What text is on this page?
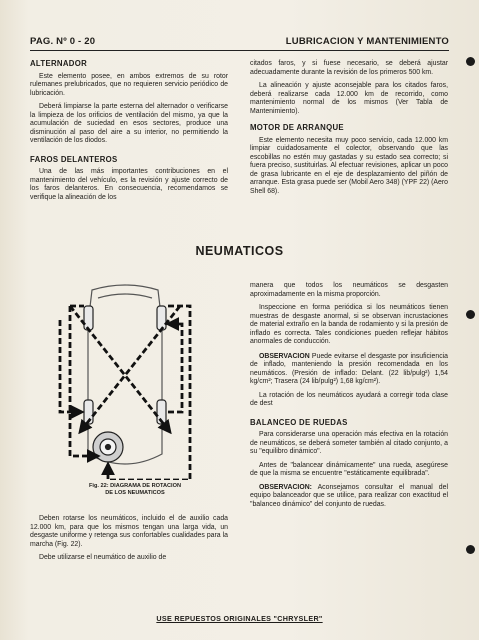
PAG. Nº 0 - 20	LUBRICACION Y MANTENIMIENTO
ALTERNADOR

Este elemento posee, en ambos extremos de su rotor rulemanes prelubricados, que no requieren servicio periódico de lubricación.

Deberá limpiarse la parte esterna del alternador o verificarse la limpieza de los orificios de ventilación del mismo, ya que la acumulación de suciedad en esos sectores, produce una disminución al paso del aire a su interior, no permitiendo la ventilación de los diodos.

FAROS DELANTEROS

Una de las más importantes contribuciones en el mantenimiento del vehículo, es la revisión y ajuste correcto de los faros delanteros. En consecuencia, recomendamos se verifique la alineación de los

citados faros, y si fuese necesario, se deberá ajustar adecuadamente durante la revisión de los primeros 500 km.

La alineación y ajuste aconsejable para los citados faros, deberá realizarse cada 12.000 km de recorrido, como mantenimiento normal de los mismos (Ver Tabla de Mantenimiento).

MOTOR DE ARRANQUE

Este elemento necesita muy poco servicio, cada 12.000 km limpiar cuidadosamente el colector, observando que las escobillas no estén muy gastadas y su estado sea correcto; si fuera preciso, sustituirlas. Al efectuar revisiones, aplicar un poco de grasa lubricante en el eje de desplazamiento del piñón de arranque. Esta grasa puede ser (Mobil Aero 348) (YPF 22) (Aero Shell 68).

NEUMATICOS
Fig. 22: DIAGRAMA DE ROTACION
DE LOS NEUMATICOS

Deben rotarse los neumáticos, incluido el de auxilio cada 12.000 km, para que los mismos tengan una larga vida, un desgaste uniforme y retenga sus confortables cualidades para la marcha (Fig. 22).

Debe utilizarse el neumático de auxilio de

manera que todos los neumáticos se desgasten aproximadamente en la misma proporción.

Inspeccione en forma periódica si los neumáticos tienen muestras de desgaste anormal, si se observan incrustaciones de material extraño en la banda de rodamiento y si la presión de inflado es correcta. Tales condiciones pueden reflejar hábitos anormales de conducción.

OBSERVACION Puede evitarse el desgaste por insuficiencia de inflado, manteniendo la presión recomendada en los neumáticos. (Presión de inflado: Delant. (22 lib/pulg²) 1,54 kg/cm²; Trasera (24 lib/pulg²) 1,68 kg/cm²).

La rotación de los neumáticos ayudará a corregir toda clase de dest

BALANCEO DE RUEDAS

Para considerarse una operación más efectiva en la rotación de neumáticos, se deberá someter también al citado conjunto, a su "equilibro dinámico".

Antes de "balancear dinámicamente" una rueda, asegúrese de que la misma se encuentre "estáticamente equilibrada".

OBSERVACION: Aconsejamos consultar el manual del equipo balanceador que se utilice, para realizar con exactitud el "balanceo dinámico" del conjunto de ruedas.

USE REPUESTOS ORIGINALES "CHRYSLER"
